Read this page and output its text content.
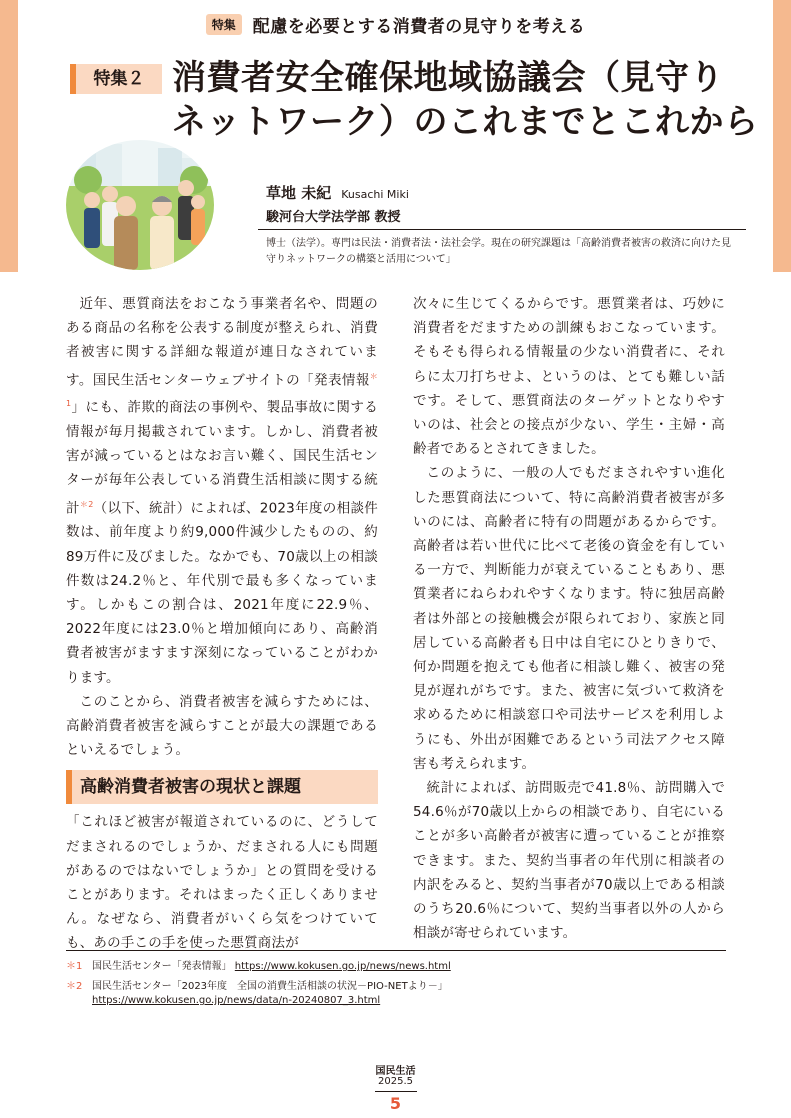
特集 配慮を必要とする消費者の見守りを考える
特集２ 消費者安全確保地域協議会（見守り
ネットワーク）のこれまでとこれから
草地 未紀 Kusachi Miki
駿河台大学法学部 教授
博士（法学）。専門は民法・消費者法・法社会学。現在の研究課題は「高齢消費者被害の救済に向けた見守りネットワークの構築と活用について」

近年、悪質商法をおこなう事業者名や、問題のある商品の名称を公表する制度が整えられ、消費者被害に関する詳細な報道が連日なされています。国民生活センターウェブサイトの「発表情報$^{*1}$」にも、詐欺的商法の事例や、製品事故に関する情報が毎月掲載されています。しかし、消費者被害が減っているとはなお言い難く、国民生活センターが毎年公表している消費生活相談に関する統計$^{*2}$（以下、統計）によれば、2023年度の相談件数は、前年度より約9,000件減少したものの、約89万件に及びました。なかでも、70歳以上の相談件数は24.2％と、年代別で最も多くなっています。しかもこの割合は、2021年度に22.9％、2022年度には23.0％と増加傾向にあり、高齢消費者被害がますます深刻になっていることがわかります。

このことから、消費者被害を減らすためには、高齢消費者被害を減らすことが最大の課題であるといえるでしょう。

高齢消費者被害の現状と課題

「これほど被害が報道されているのに、どうしてだまされるのでしょうか、だまされる人にも問題があるのではないでしょうか」との質問を受けることがあります。それはまったく正しくありません。なぜなら、消費者がいくら気をつけていても、あの手この手を使った悪質商法が

次々に生じてくるからです。悪質業者は、巧妙に消費者をだますための訓練もおこなっています。そもそも得られる情報量の少ない消費者に、それらに太刀打ちせよ、というのは、とても難しい話です。そして、悪質商法のターゲットとなりやすいのは、社会との接点が少ない、学生・主婦・高齢者であるとされてきました。

このように、一般の人でもだまされやすい進化した悪質商法について、特に高齢消費者被害が多いのには、高齢者に特有の問題があるからです。高齢者は若い世代に比べて老後の資金を有している一方で、判断能力が衰えていることもあり、悪質業者にねらわれやすくなります。特に独居高齢者は外部との接触機会が限られており、家族と同居している高齢者も日中は自宅にひとりきりで、何か問題を抱えても他者に相談し難く、被害の発見が遅れがちです。また、被害に気づいて救済を求めるために相談窓口や司法サービスを利用しようにも、外出が困難であるという司法アクセス障害も考えられます。

統計によれば、訪問販売で41.8％、訪問購入で54.6％が70歳以上からの相談であり、自宅にいることが多い高齢者が被害に遭っていることが推察できます。また、契約当事者の年代別に相談者の内訳をみると、契約当事者が70歳以上である相談のうち20.6％について、契約当事者以外の人から相談が寄せられています。

＊1 国民生活センター「発表情報」 https://www.kokusen.go.jp/news/news.html
＊2 国民生活センター「2023年度　全国の消費生活相談の状況－PIO-NETより－」
https://www.kokusen.go.jp/news/data/n-20240807_3.html
国民生活
2025.5
5
